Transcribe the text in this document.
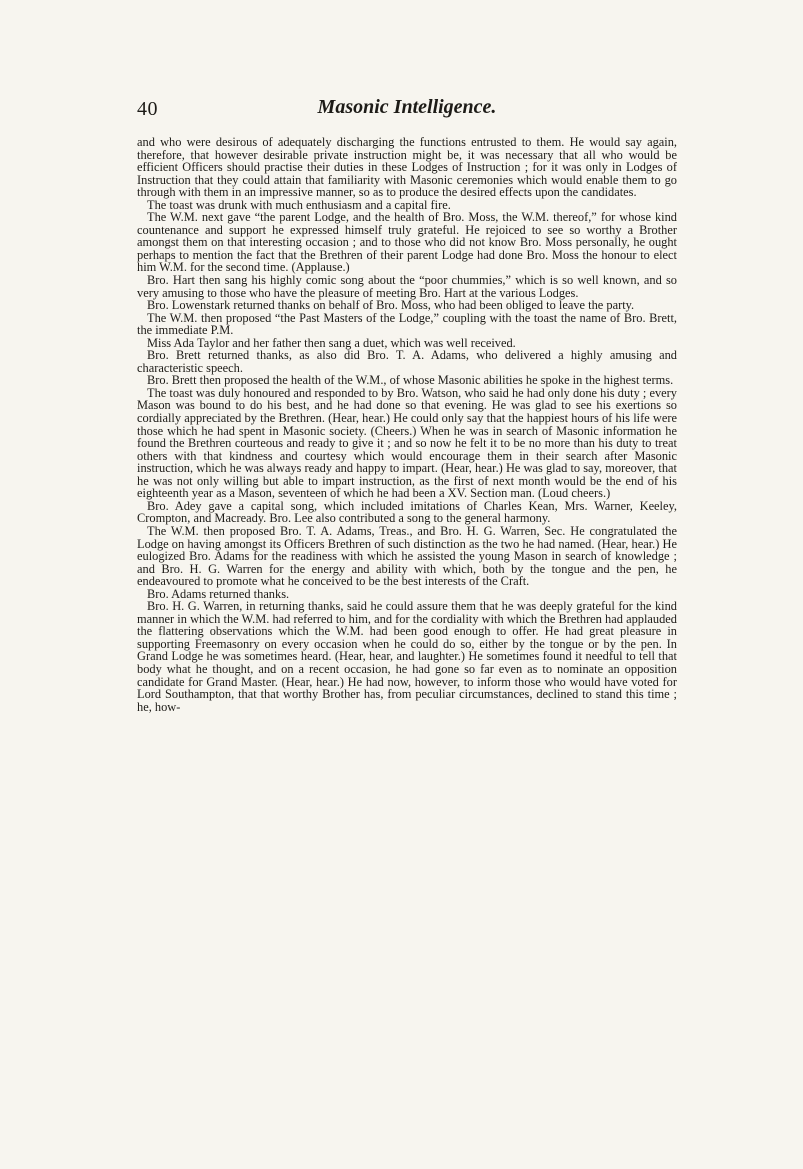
40	Masonic Intelligence.

and who were desirous of adequately discharging the functions entrusted to them. He would say again, therefore, that however desirable private instruction might be, it was necessary that all who would be efficient Officers should practise their duties in these Lodges of Instruction ; for it was only in Lodges of Instruction that they could attain that familiarity with Masonic ceremonies which would enable them to go through with them in an impressive manner, so as to produce the desired effects upon the candidates.

The toast was drunk with much enthusiasm and a capital fire.

The W.M. next gave “the parent Lodge, and the health of Bro. Moss, the W.M. thereof,” for whose kind countenance and support he expressed himself truly grateful. He rejoiced to see so worthy a Brother amongst them on that interesting occasion ; and to those who did not know Bro. Moss personally, he ought perhaps to mention the fact that the Brethren of their parent Lodge had done Bro. Moss the honour to elect him W.M. for the second time. (Applause.)

Bro. Hart then sang his highly comic song about the “poor chummies,” which is so well known, and so very amusing to those who have the pleasure of meeting Bro. Hart at the various Lodges.

Bro. Lowenstark returned thanks on behalf of Bro. Moss, who had been obliged to leave the party.

The W.M. then proposed “the Past Masters of the Lodge,” coupling with the toast the name of Bro. Brett, the immediate P.M.

Miss Ada Taylor and her father then sang a duet, which was well received.

Bro. Brett returned thanks, as also did Bro. T. A. Adams, who delivered a highly amusing and characteristic speech.

Bro. Brett then proposed the health of the W.M., of whose Masonic abilities he spoke in the highest terms.

The toast was duly honoured and responded to by Bro. Watson, who said he had only done his duty ; every Mason was bound to do his best, and he had done so that evening. He was glad to see his exertions so cordially appreciated by the Brethren. (Hear, hear.) He could only say that the happiest hours of his life were those which he had spent in Masonic society. (Cheers.) When he was in search of Masonic information he found the Brethren courteous and ready to give it ; and so now he felt it to be no more than his duty to treat others with that kindness and courtesy which would encourage them in their search after Masonic instruction, which he was always ready and happy to impart. (Hear, hear.) He was glad to say, moreover, that he was not only willing but able to impart instruction, as the first of next month would be the end of his eighteenth year as a Mason, seventeen of which he had been a XV. Section man. (Loud cheers.)

Bro. Adey gave a capital song, which included imitations of Charles Kean, Mrs. Warner, Keeley, Crompton, and Macready. Bro. Lee also contributed a song to the general harmony.

The W.M. then proposed Bro. T. A. Adams, Treas., and Bro. H. G. Warren, Sec. He congratulated the Lodge on having amongst its Officers Brethren of such distinction as the two he had named. (Hear, hear.) He eulogized Bro. Adams for the readiness with which he assisted the young Mason in search of knowledge ; and Bro. H. G. Warren for the energy and ability with which, both by the tongue and the pen, he endeavoured to promote what he conceived to be the best interests of the Craft.

Bro. Adams returned thanks.

Bro. H. G. Warren, in returning thanks, said he could assure them that he was deeply grateful for the kind manner in which the W.M. had referred to him, and for the cordiality with which the Brethren had applauded the flattering observations which the W.M. had been good enough to offer. He had great pleasure in supporting Freemasonry on every occasion when he could do so, either by the tongue or by the pen. In Grand Lodge he was sometimes heard. (Hear, hear, and laughter.) He sometimes found it needful to tell that body what he thought, and on a recent occasion, he had gone so far even as to nominate an opposition candidate for Grand Master. (Hear, hear.) He had now, however, to inform those who would have voted for Lord Southampton, that that worthy Brother has, from peculiar circumstances, declined to stand this time ; he, how-
